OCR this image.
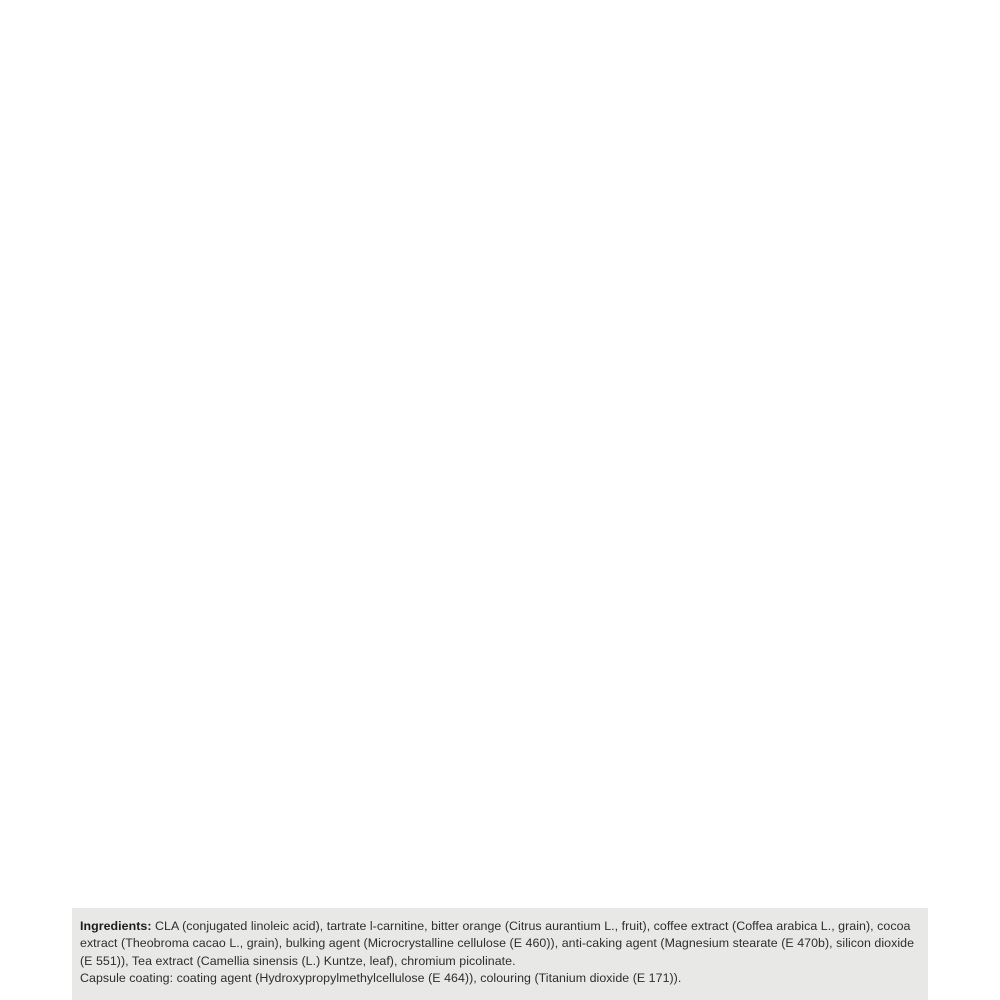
Ingredients: CLA (conjugated linoleic acid), tartrate l-carnitine, bitter orange (Citrus aurantium L., fruit), coffee extract (Coffea arabica L., grain), cocoa extract (Theobroma cacao L., grain), bulking agent (Microcrystalline cellulose (E 460)), anti-caking agent (Magnesium stearate (E 470b), silicon dioxide (E 551)), Tea extract (Camellia sinensis (L.) Kuntze, leaf), chromium picolinate.

Capsule coating: coating agent (Hydroxypropylmethylcellulose (E 464)), colouring (Titanium dioxide (E 171)).
